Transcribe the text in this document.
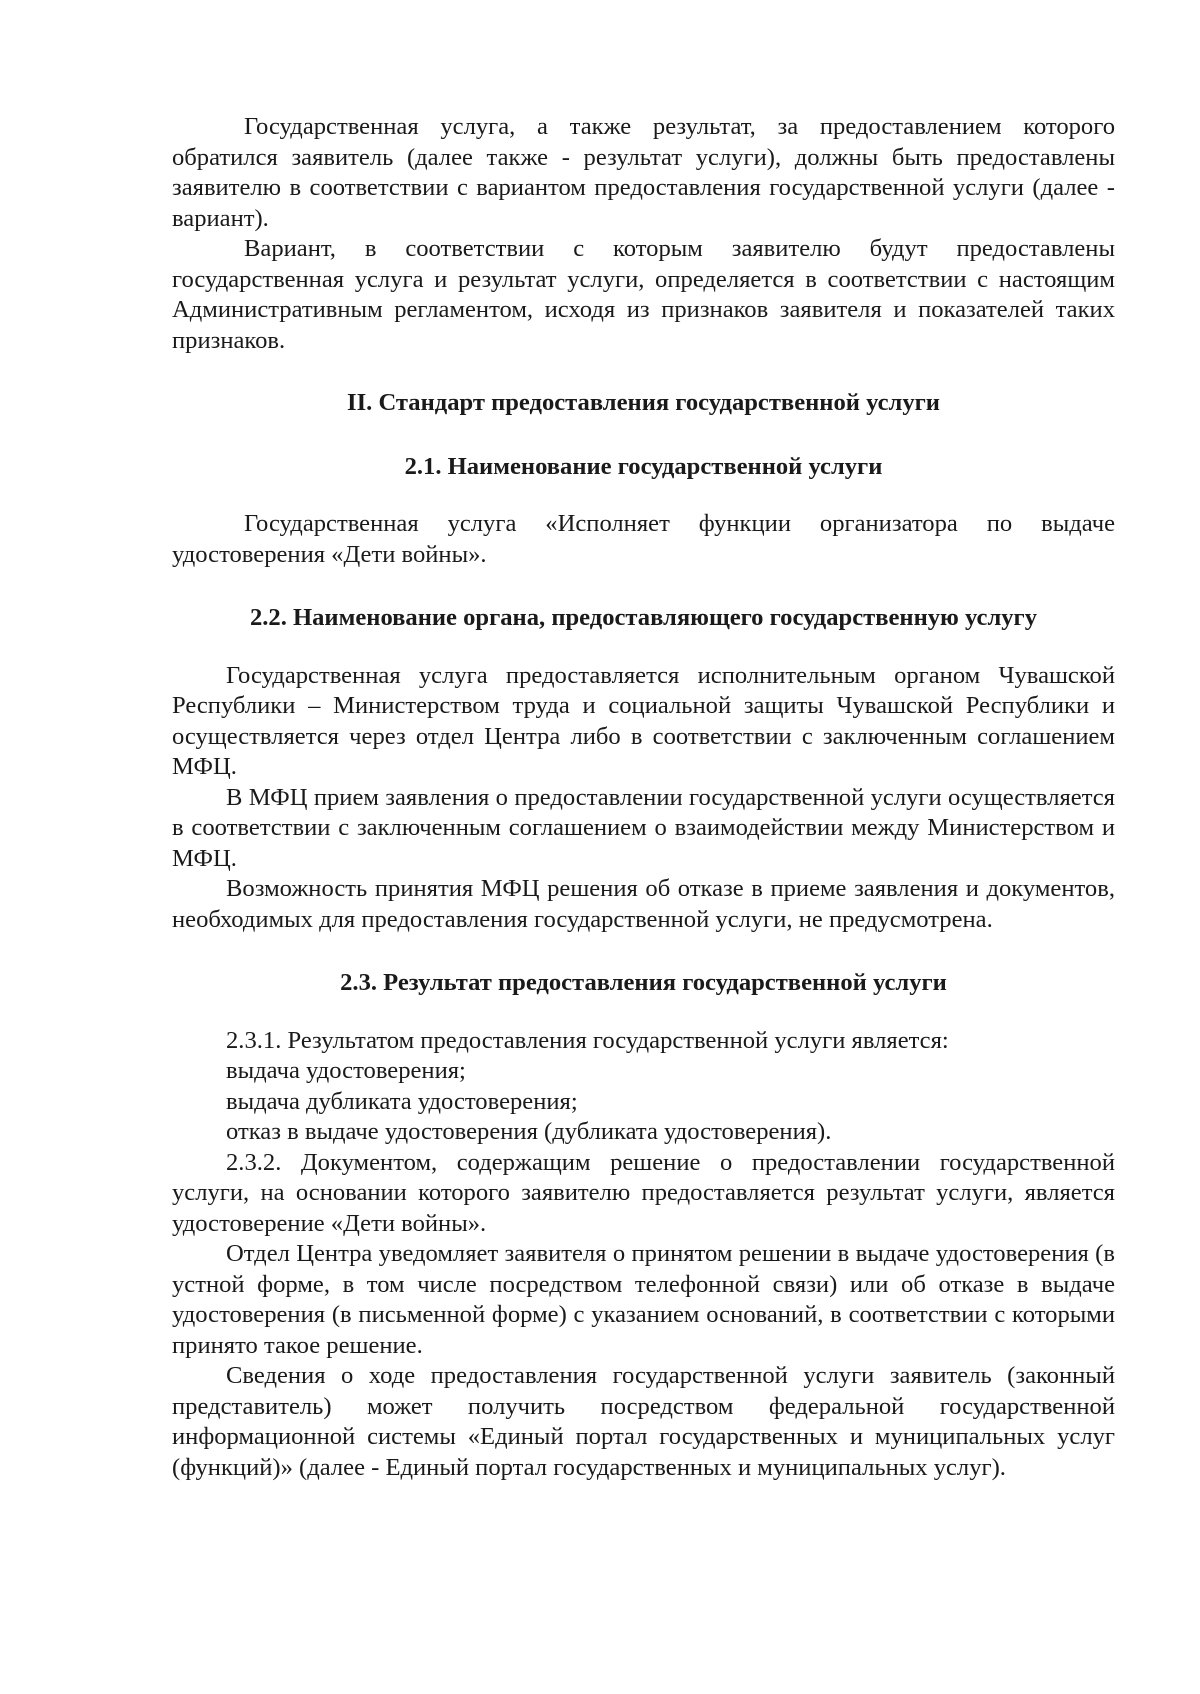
Государственная услуга, а также результат, за предоставлением которого обратился заявитель (далее также - результат услуги), должны быть предоставлены заявителю в соответствии с вариантом предоставления государственной услуги (далее - вариант).

Вариант, в соответствии с которым заявителю будут предоставлены государственная услуга и результат услуги, определяется в соответствии с настоящим Административным регламентом, исходя из признаков заявителя и показателей таких признаков.

II. Стандарт предоставления государственной услуги

2.1. Наименование государственной услуги

Государственная услуга «Исполняет функции организатора по выдаче удостоверения «Дети войны».

2.2. Наименование органа, предоставляющего государственную услугу

Государственная услуга предоставляется исполнительным органом Чувашской Республики – Министерством труда и социальной защиты Чувашской Республики и осуществляется через отдел Центра либо в соответствии с заключенным соглашением МФЦ.

В МФЦ прием заявления о предоставлении государственной услуги осуществляется в соответствии с заключенным соглашением о взаимодействии между Министерством и МФЦ.

Возможность принятия МФЦ решения об отказе в приеме заявления и документов, необходимых для предоставления государственной услуги, не предусмотрена.

2.3. Результат предоставления государственной услуги

2.3.1. Результатом предоставления государственной услуги является:

выдача удостоверения;

выдача дубликата удостоверения;

отказ в выдаче удостоверения (дубликата удостоверения).

2.3.2. Документом, содержащим решение о предоставлении государственной услуги, на основании которого заявителю предоставляется результат услуги, является удостоверение «Дети войны».

Отдел Центра уведомляет заявителя о принятом решении в выдаче удостоверения (в устной форме, в том числе посредством телефонной связи) или об отказе в выдаче удостоверения (в письменной форме) с указанием оснований, в соответствии с которыми принято такое решение.

Сведения о ходе предоставления государственной услуги заявитель (законный представитель) может получить посредством федеральной государственной информационной системы «Единый портал государственных и муниципальных услуг (функций)» (далее - Единый портал государственных и муниципальных услуг).
